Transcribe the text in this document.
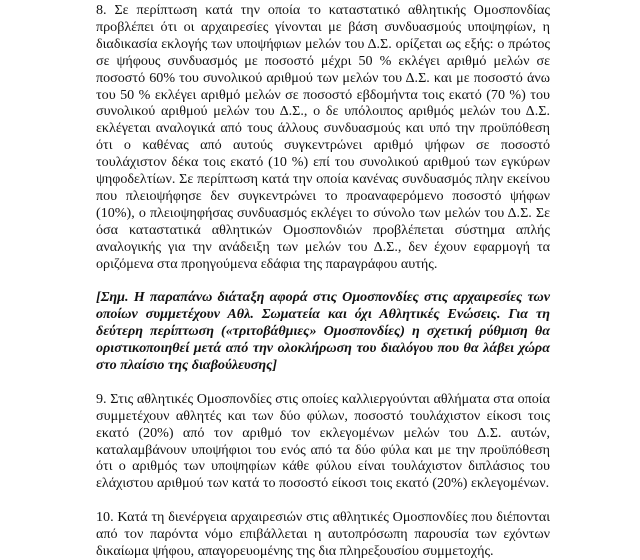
8. Σε περίπτωση κατά την οποία το καταστατικό αθλητικής Ομοσπονδίας προβλέπει ότι οι αρχαιρεσίες γίνονται με βάση συνδυασμούς υποψηφίων, η διαδικασία εκλογής των υποψήφιων μελών του Δ.Σ. ορίζεται ως εξής: ο πρώτος σε ψήφους συνδυασμός με ποσοστό μέχρι 50 % εκλέγει αριθμό μελών σε ποσοστό 60% του συνολικού αριθμού των μελών του Δ.Σ. και με ποσοστό άνω του 50 % εκλέγει αριθμό μελών σε ποσοστό εβδομήντα τοις εκατό (70 %) του συνολικού αριθμού μελών του Δ.Σ., ο δε υπόλοιπος αριθμός μελών του Δ.Σ. εκλέγεται αναλογικά από τους άλλους συνδυασμούς και υπό την προϋπόθεση ότι ο καθένας από αυτούς συγκεντρώνει αριθμό ψήφων σε ποσοστό τουλάχιστον δέκα τοις εκατό (10 %) επί του συνολικού αριθμού των εγκύρων ψηφοδελτίων. Σε περίπτωση κατά την οποία κανένας συνδυασμός πλην εκείνου που πλειοψήφησε δεν συγκεντρώνει το προαναφερόμενο ποσοστό ψήφων (10%), ο πλειοψηφήσας συνδυασμός εκλέγει το σύνολο των μελών του Δ.Σ. Σε όσα καταστατικά αθλητικών Ομοσπονδιών προβλέπεται σύστημα απλής αναλογικής για την ανάδειξη των μελών του Δ.Σ., δεν έχουν εφαρμογή τα οριζόμενα στα προηγούμενα εδάφια της παραγράφου αυτής.

[Σημ. Η παραπάνω διάταξη αφορά στις Ομοσπονδίες στις αρχαιρεσίες των οποίων συμμετέχουν Αθλ. Σωματεία και όχι Αθλητικές Ενώσεις. Για τη δεύτερη περίπτωση («τριτοβάθμιες» Ομοσπονδίες) η σχετική ρύθμιση θα οριστικοποιηθεί μετά από την ολοκλήρωση του διαλόγου που θα λάβει χώρα στο πλαίσιο της διαβούλευσης]

9. Στις αθλητικές Ομοσπονδίες στις οποίες καλλιεργούνται αθλήματα στα οποία συμμετέχουν αθλητές και των δύο φύλων, ποσοστό τουλάχιστον είκοσι τοις εκατό (20%) από τον αριθμό τον εκλεγομένων μελών του Δ.Σ. αυτών, καταλαμβάνουν υποψήφιοι του ενός από τα δύο φύλα και με την προϋπόθεση ότι ο αριθμός των υποψηφίων κάθε φύλου είναι τουλάχιστον διπλάσιος του ελάχιστου αριθμού των κατά το ποσοστό είκοσι τοις εκατό (20%) εκλεγομένων.

10. Κατά τη διενέργεια αρχαιρεσιών στις αθλητικές Ομοσπονδίες που διέπονται από τον παρόντα νόμο επιβάλλεται η αυτοπρόσωπη παρουσία των εχόντων δικαίωμα ψήφου, απαγορευομένης της δια πληρεξουσίου συμμετοχής.
